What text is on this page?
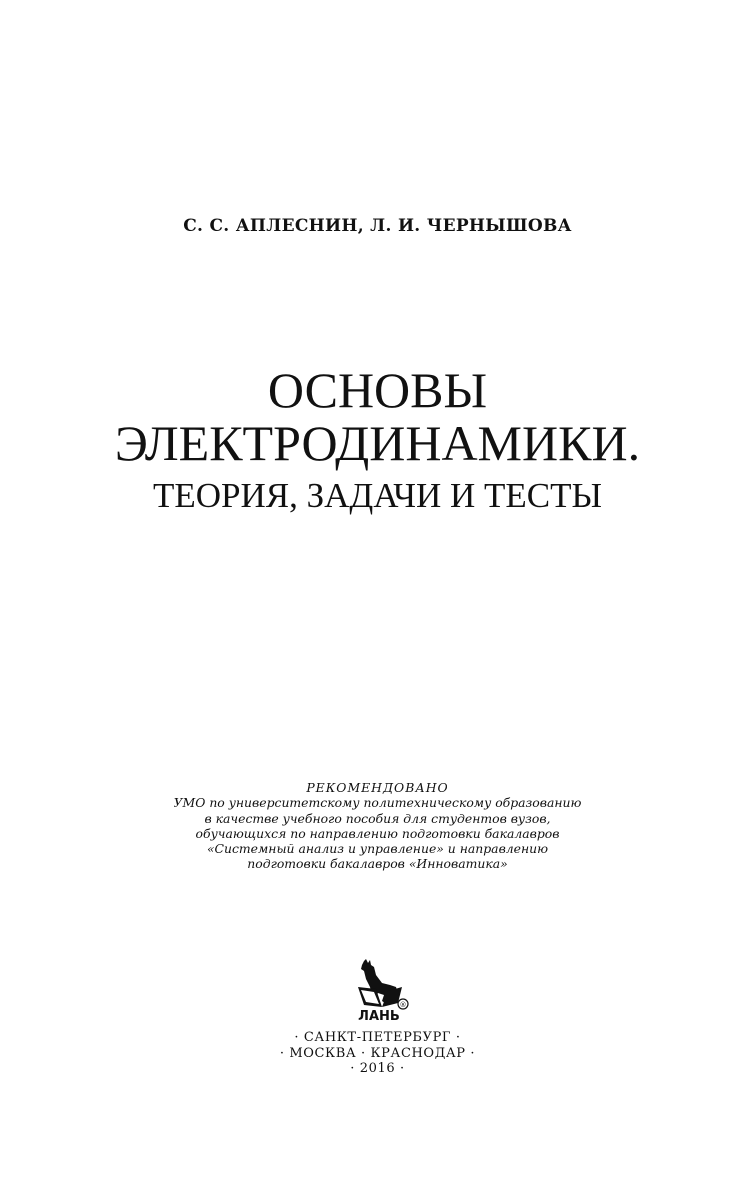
С. С. АПЛЕСНИН, Л. И. ЧЕРНЫШОВА
ОСНОВЫ
ЭЛЕКТРОДИНАМИКИ.
ТЕОРИЯ, ЗАДАЧИ И ТЕСТЫ
РЕКОМЕНДОВАНО
УМО по университетскому политехническому образованию
в качестве учебного пособия для студентов вузов,
обучающихся по направлению подготовки бакалавров
«Системный анализ и управление» и направлению
подготовки бакалавров «Инноватика»
®
ЛАНЬ
· САНКТ-ПЕТЕРБУРГ ·
· МОСКВА · КРАСНОДАР ·
· 2016 ·
